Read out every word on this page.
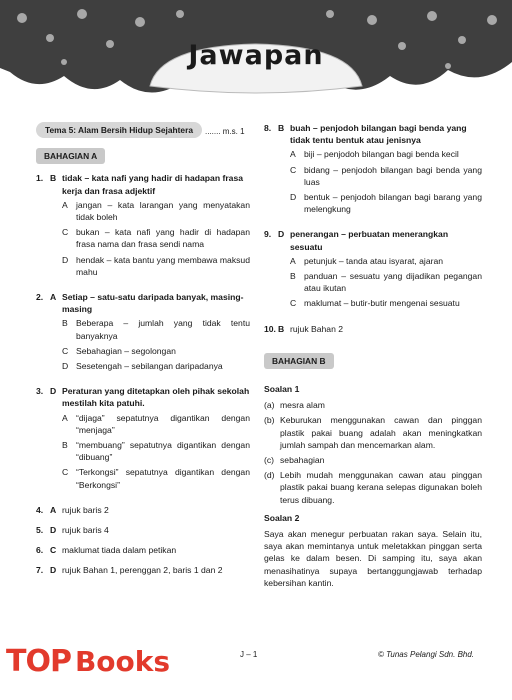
Jawapan
Tema 5: Alam Bersih Hidup Sejahtera	....... m.s. 1
BAHAGIAN A
1. B tidak – kata nafi yang hadir di hadapan frasa kerja dan frasa adjektif
A jangan – kata larangan yang menyatakan tidak boleh
C bukan – kata nafi yang hadir di hadapan frasa nama dan frasa sendi nama
D hendak – kata bantu yang membawa maksud mahu
2. A Setiap – satu-satu daripada banyak, masing-masing
B Beberapa – jumlah yang tidak tentu banyaknya
C Sebahagian – segolongan
D Sesetengah – sebilangan daripadanya
3. D Peraturan yang ditetapkan oleh pihak sekolah mestilah kita patuhi.
A “dijaga” sepatutnya digantikan dengan “menjaga”
B “membuang” sepatutnya digantikan dengan “dibuang”
C “Terkongsi” sepatutnya digantikan dengan “Berkongsi”
4. A rujuk baris 2
5. D rujuk baris 4
6. C maklumat tiada dalam petikan
7. D rujuk Bahan 1, perenggan 2, baris 1 dan 2
8. B buah – penjodoh bilangan bagi benda yang tidak tentu bentuk atau jenisnya
A biji – penjodoh bilangan bagi benda kecil
C bidang – penjodoh bilangan bagi benda yang luas
D bentuk – penjodoh bilangan bagi barang yang melengkung
9. D penerangan – perbuatan menerangkan sesuatu
A petunjuk – tanda atau isyarat, ajaran
B panduan – sesuatu yang dijadikan pegangan atau ikutan
C maklumat – butir-butir mengenai sesuatu
10. B rujuk Bahan 2
BAHAGIAN B
Soalan 1
(a) mesra alam
(b) Keburukan menggunakan cawan dan pinggan plastik pakai buang adalah akan meningkatkan jumlah sampah dan mencemarkan alam.
(c) sebahagian
(d) Lebih mudah menggunakan cawan atau pinggan plastik pakai buang kerana selepas digunakan boleh terus dibuang.
Soalan 2
Saya akan menegur perbuatan rakan saya. Selain itu, saya akan memintanya untuk meletakkan pinggan serta gelas ke dalam besen. Di samping itu, saya akan menasihatinya supaya bertanggungjawab terhadap kebersihan kantin.
J – 1	© Tunas Pelangi Sdn. Bhd.
TOP Books
